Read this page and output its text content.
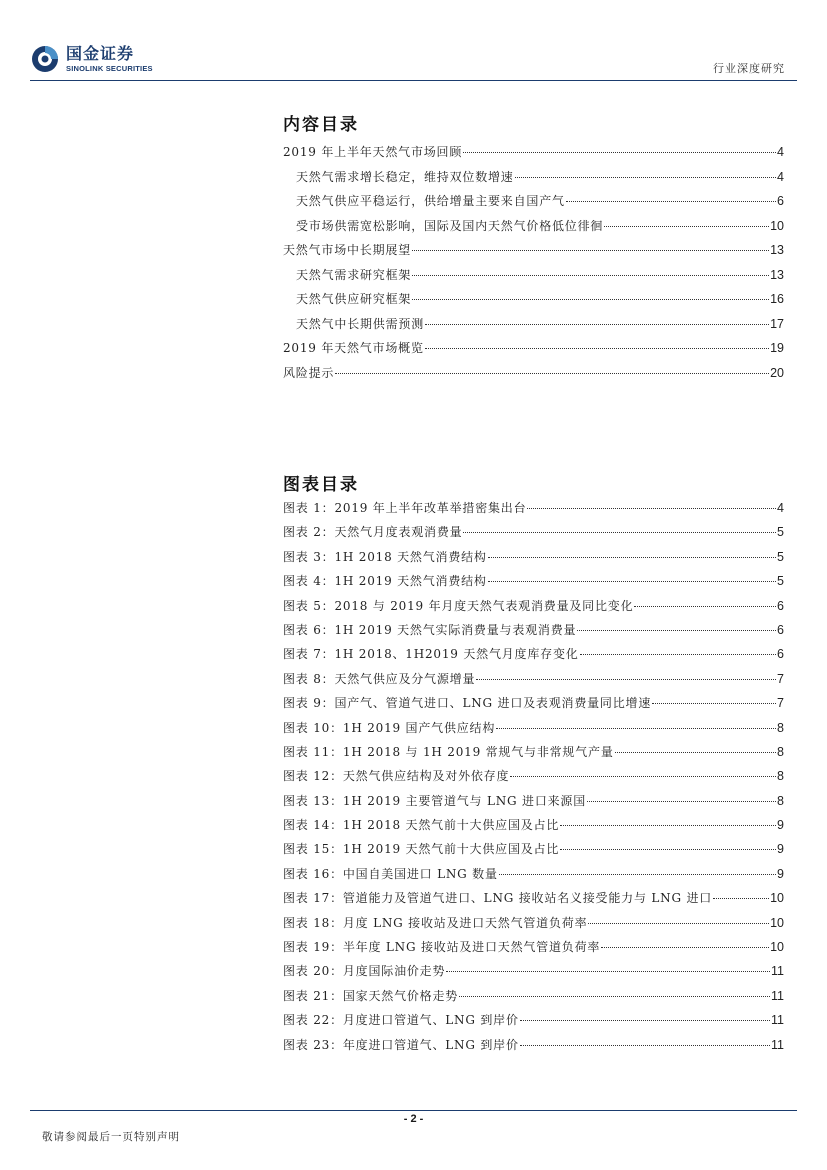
国金证券
SINOLINK SECURITIES	行业深度研究
内容目录
2019 年上半年天然气市场回顾	4
天然气需求增长稳定，维持双位数增速	4
天然气供应平稳运行，供给增量主要来自国产气	6
受市场供需宽松影响，国际及国内天然气价格低位徘徊	10
天然气市场中长期展望	13
天然气需求研究框架	13
天然气供应研究框架	16
天然气中长期供需预测	17
2019 年天然气市场概览	19
风险提示	20
图表目录
图表 1：2019 年上半年改革举措密集出台	4
图表 2：天然气月度表观消费量	5
图表 3：1H 2018 天然气消费结构	5
图表 4：1H 2019 天然气消费结构	5
图表 5：2018 与 2019 年月度天然气表观消费量及同比变化	6
图表 6：1H 2019 天然气实际消费量与表观消费量	6
图表 7：1H 2018、1H2019 天然气月度库存变化	6
图表 8：天然气供应及分气源增量	7
图表 9：国产气、管道气进口、LNG 进口及表观消费量同比增速	7
图表 10：1H 2019 国产气供应结构	8
图表 11：1H 2018 与 1H 2019 常规气与非常规气产量	8
图表 12：天然气供应结构及对外依存度	8
图表 13：1H 2019 主要管道气与 LNG 进口来源国	8
图表 14：1H 2018 天然气前十大供应国及占比	9
图表 15：1H 2019 天然气前十大供应国及占比	9
图表 16：中国自美国进口 LNG 数量	9
图表 17：管道能力及管道气进口、LNG 接收站名义接受能力与 LNG 进口	10
图表 18：月度 LNG 接收站及进口天然气管道负荷率	10
图表 19：半年度 LNG 接收站及进口天然气管道负荷率	10
图表 20：月度国际油价走势	11
图表 21：国家天然气价格走势	11
图表 22：月度进口管道气、LNG 到岸价	11
图表 23：年度进口管道气、LNG 到岸价	11
- 2 -
敬请参阅最后一页特别声明
